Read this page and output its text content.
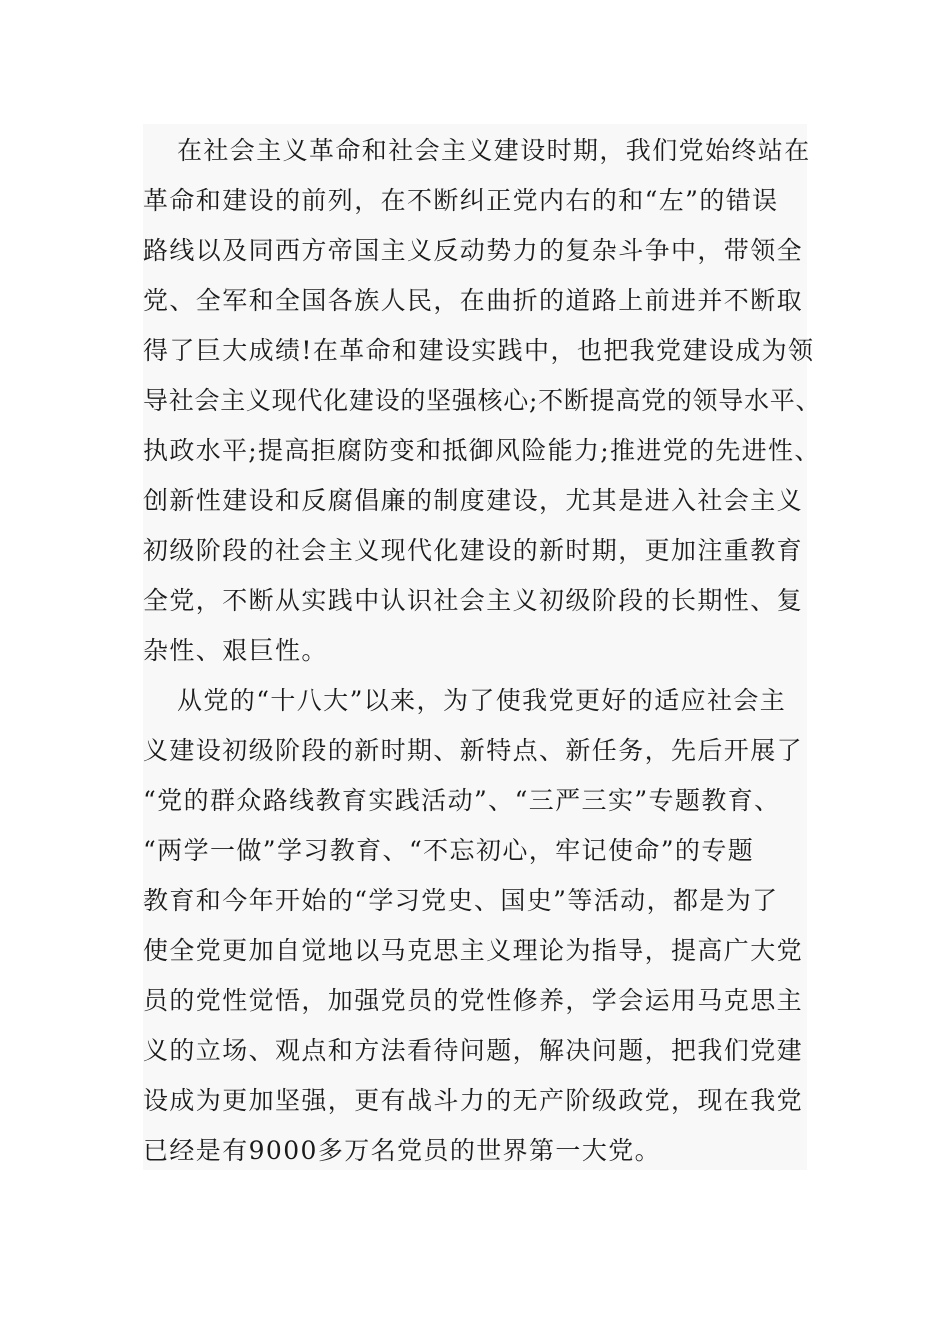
在社会主义革命和社会主义建设时期，我们党始终站在
革命和建设的前列，在不断纠正党内右的和“左”的错误
路线以及同西方帝国主义反动势力的复杂斗争中，带领全
党、全军和全国各族人民，在曲折的道路上前进并不断取
得了巨大成绩!在革命和建设实践中，也把我党建设成为领
导社会主义现代化建设的坚强核心;不断提高党的领导水平、
执政水平;提高拒腐防变和抵御风险能力;推进党的先进性、
创新性建设和反腐倡廉的制度建设，尤其是进入社会主义
初级阶段的社会主义现代化建设的新时期，更加注重教育
全党，不断从实践中认识社会主义初级阶段的长期性、复
杂性、艰巨性。
从党的“十八大”以来，为了使我党更好的适应社会主
义建设初级阶段的新时期、新特点、新任务，先后开展了
“党的群众路线教育实践活动”、“三严三实”专题教育、
“两学一做”学习教育、“不忘初心，牢记使命”的专题
教育和今年开始的“学习党史、国史”等活动，都是为了
使全党更加自觉地以马克思主义理论为指导，提高广大党
员的党性觉悟，加强党员的党性修养，学会运用马克思主
义的立场、观点和方法看待问题，解决问题，把我们党建
设成为更加坚强，更有战斗力的无产阶级政党，现在我党
已经是有9000多万名党员的世界第一大党。
